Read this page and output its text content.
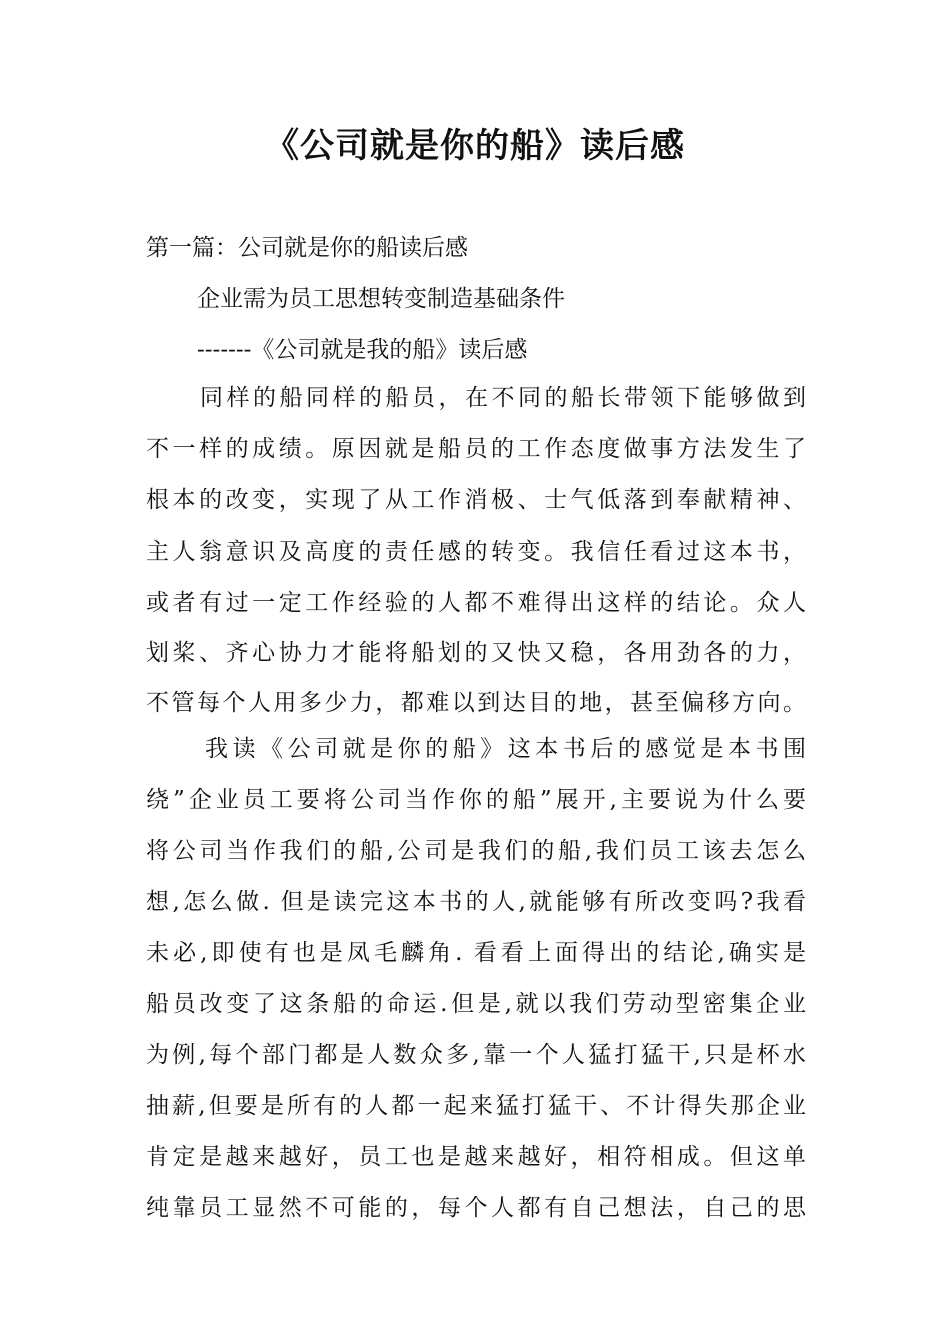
《公司就是你的船》读后感

第一篇：公司就是你的船读后感

企业需为员工思想转变制造基础条件

-------《公司就是我的船》读后感

同样的船同样的船员，在不同的船长带领下能够做到

不一样的成绩。原因就是船员的工作态度做事方法发生了

根本的改变，实现了从工作消极、士气低落到奉献精神、

主人翁意识及高度的责任感的转变。我信任看过这本书，

或者有过一定工作经验的人都不难得出这样的结论。众人

划桨、齐心协力才能将船划的又快又稳，各用劲各的力，

不管每个人用多少力，都难以到达目的地，甚至偏移方向。

我读《公司就是你的船》这本书后的感觉是本书围

绕”企业员工要将公司当作你的船”展开,主要说为什么要

将公司当作我们的船,公司是我们的船,我们员工该去怎么

想,怎么做. 但是读完这本书的人,就能够有所改变吗?我看

未必,即使有也是凤毛麟角. 看看上面得出的结论,确实是

船员改变了这条船的命运.但是,就以我们劳动型密集企业

为例,每个部门都是人数众多,靠一个人猛打猛干,只是杯水

抽薪,但要是所有的人都一起来猛打猛干、不计得失那企业

肯定是越来越好，员工也是越来越好，相符相成。但这单

纯靠员工显然不可能的，每个人都有自己想法，自己的思
